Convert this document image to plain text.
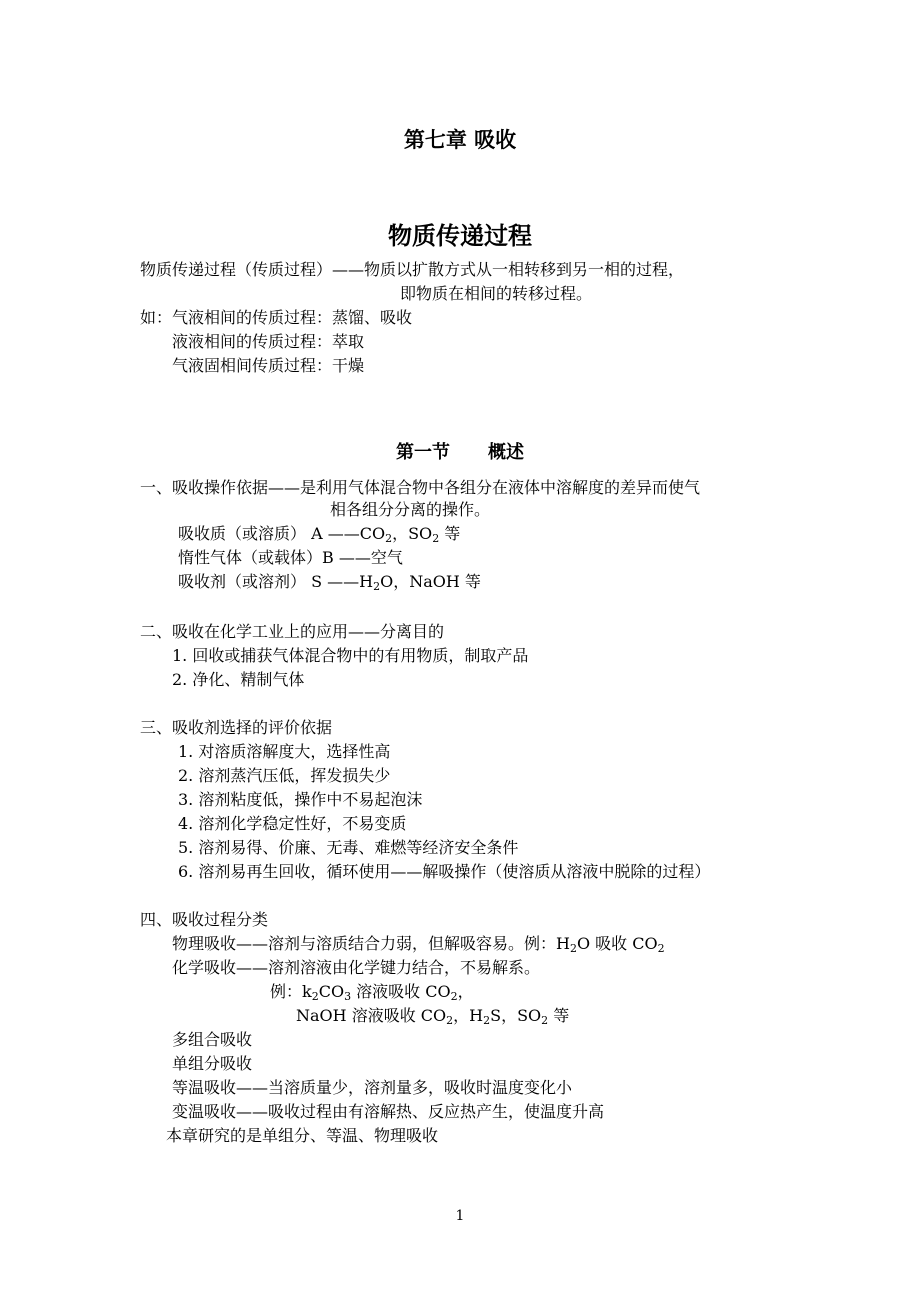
第七章 吸收
物质传递过程
物质传递过程（传质过程）——物质以扩散方式从一相转移到另一相的过程，
即物质在相间的转移过程。
如： 气液相间的传质过程：蒸馏、吸收
液液相间的传质过程：萃取
气液固相间传质过程：干燥
第一节 概述
一、吸收操作依据——是利用气体混合物中各组分在液体中溶解度的差异而使气
相各组分分离的操作。
吸收质（或溶质） A $——CO_2$，$SO_2$ 等
惰性气体（或载体）B ——空气
吸收剂（或溶剂） S $——H_2O$，NaOH 等
二、吸收在化学工业上的应用——分离目的
1. 回收或捕获气体混合物中的有用物质，制取产品
2. 净化、精制气体
三、吸收剂选择的评价依据
1. 对溶质溶解度大，选择性高
2. 溶剂蒸汽压低，挥发损失少
3. 溶剂粘度低，操作中不易起泡沫
4. 溶剂化学稳定性好，不易变质
5. 溶剂易得、价廉、无毒、难燃等经济安全条件
6. 溶剂易再生回收，循环使用——解吸操作（使溶质从溶液中脱除的过程）
四、吸收过程分类
物理吸收——溶剂与溶质结合力弱，但解吸容易。例：$H_2O$ 吸收 $CO_2$
化学吸收——溶剂溶液由化学键力结合，不易解系。
例：$k_2CO_3$ 溶液吸收 $CO_2$，
NaOH 溶液吸收 $CO_2$，$H_2S$，$SO_2$ 等
多组合吸收
单组分吸收
等温吸收——当溶质量少，溶剂量多，吸收时温度变化小
变温吸收——吸收过程由有溶解热、反应热产生，使温度升高
本章研究的是单组分、等温、物理吸收
1
